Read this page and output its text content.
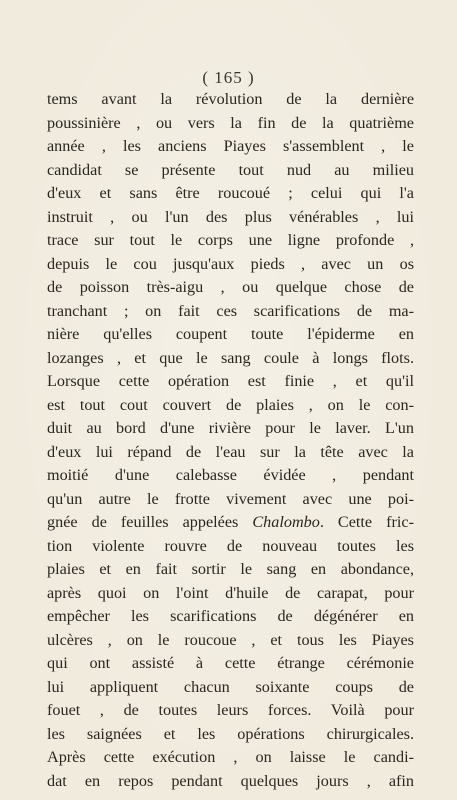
( 165 )
tems avant la révolution de la dernière
poussinière , ou vers la fin de la quatrième
année , les anciens Piayes s'assemblent , le
candidat se présente tout nud au milieu
d'eux et sans être roucoué ; celui qui l'a
instruit , ou l'un des plus vénérables , lui
trace sur tout le corps une ligne profonde ,
depuis le cou jusqu'aux pieds , avec un os
de poisson très-aigu , ou quelque chose de
tranchant ; on fait ces scarifications de ma-
nière qu'elles coupent toute l'épiderme en
lozanges , et que le sang coule à longs flots.
Lorsque cette opération est finie , et qu'il
est tout cout couvert de plaies , on le con-
duit au bord d'une rivière pour le laver. L'un
d'eux lui répand de l'eau sur la tête avec la
moitié d'une calebasse évidée , pendant
qu'un autre le frotte vivement avec une poi-
gnée de feuilles appelées Chalombo. Cette fric-
tion violente rouvre de nouveau toutes les
plaies et en fait sortir le sang en abondance,
après quoi on l'oint d'huile de carapat, pour
empêcher les scarifications de dégénérer en
ulcères , on le roucoue , et tous les Piayes
qui ont assisté à cette étrange cérémonie
lui appliquent chacun soixante coups de
fouet , de toutes leurs forces. Voilà pour
les saignées et les opérations chirurgicales.
Après cette exécution , on laisse le candi-
dat en repos pendant quelques jours , afin
